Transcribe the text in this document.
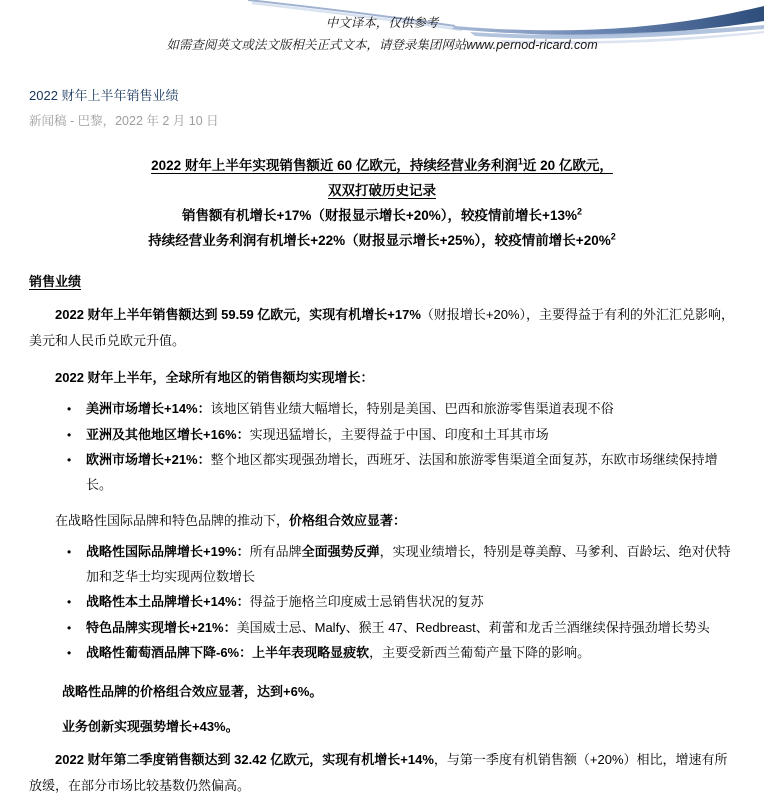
中文译本，仅供参考
如需查阅英文或法文版相关正式文本，请登录集团网站www.pernod-ricard.com
2022 财年上半年销售业绩
新闻稿 - 巴黎，2022 年 2 月 10 日
2022 财年上半年实现销售额近 60 亿欧元，持续经营业务利润$^1$近 20 亿欧元，
双双打破历史记录
销售额有机增长+17%（财报显示增长+20%），较疫情前增长+13%$^2$
持续经营业务利润有机增长+22%（财报显示增长+25%），较疫情前增长+20%$^2$
销售业绩

2022 财年上半年销售额达到 59.59 亿欧元，实现有机增长+17%（财报增长+20%），主要得益于有利的外汇汇兑影响，美元和人民币兑欧元升值。

2022 财年上半年，全球所有地区的销售额均实现增长：

• 美洲市场增长+14%：该地区销售业绩大幅增长，特别是美国、巴西和旅游零售渠道表现不俗
• 亚洲及其他地区增长+16%：实现迅猛增长，主要得益于中国、印度和土耳其市场
• 欧洲市场增长+21%：整个地区都实现强劲增长，西班牙、法国和旅游零售渠道全面复苏，东欧市场继续保持增长。

在战略性国际品牌和特色品牌的推动下，价格组合效应显著：

• 战略性国际品牌增长+19%：所有品牌全面强势反弹，实现业绩增长，特别是尊美醇、马爹利、百龄坛、绝对伏特加和芝华士均实现两位数增长
• 战略性本土品牌增长+14%：得益于施格兰印度威士忌销售状况的复苏
• 特色品牌实现增长+21%：美国威士忌、Malfy、猴王 47、Redbreast、莉蕾和龙舌兰酒继续保持强劲增长势头
• 战略性葡萄酒品牌下降-6%：上半年表现略显疲软，主要受新西兰葡萄产量下降的影响。
战略性品牌的价格组合效应显著，达到+6%。
业务创新实现强势增长+43%。

2022 财年第二季度销售额达到 32.42 亿欧元，实现有机增长+14%，与第一季度有机销售额（+20%）相比，增速有所放缓，在部分市场比较基数仍然偏高。
